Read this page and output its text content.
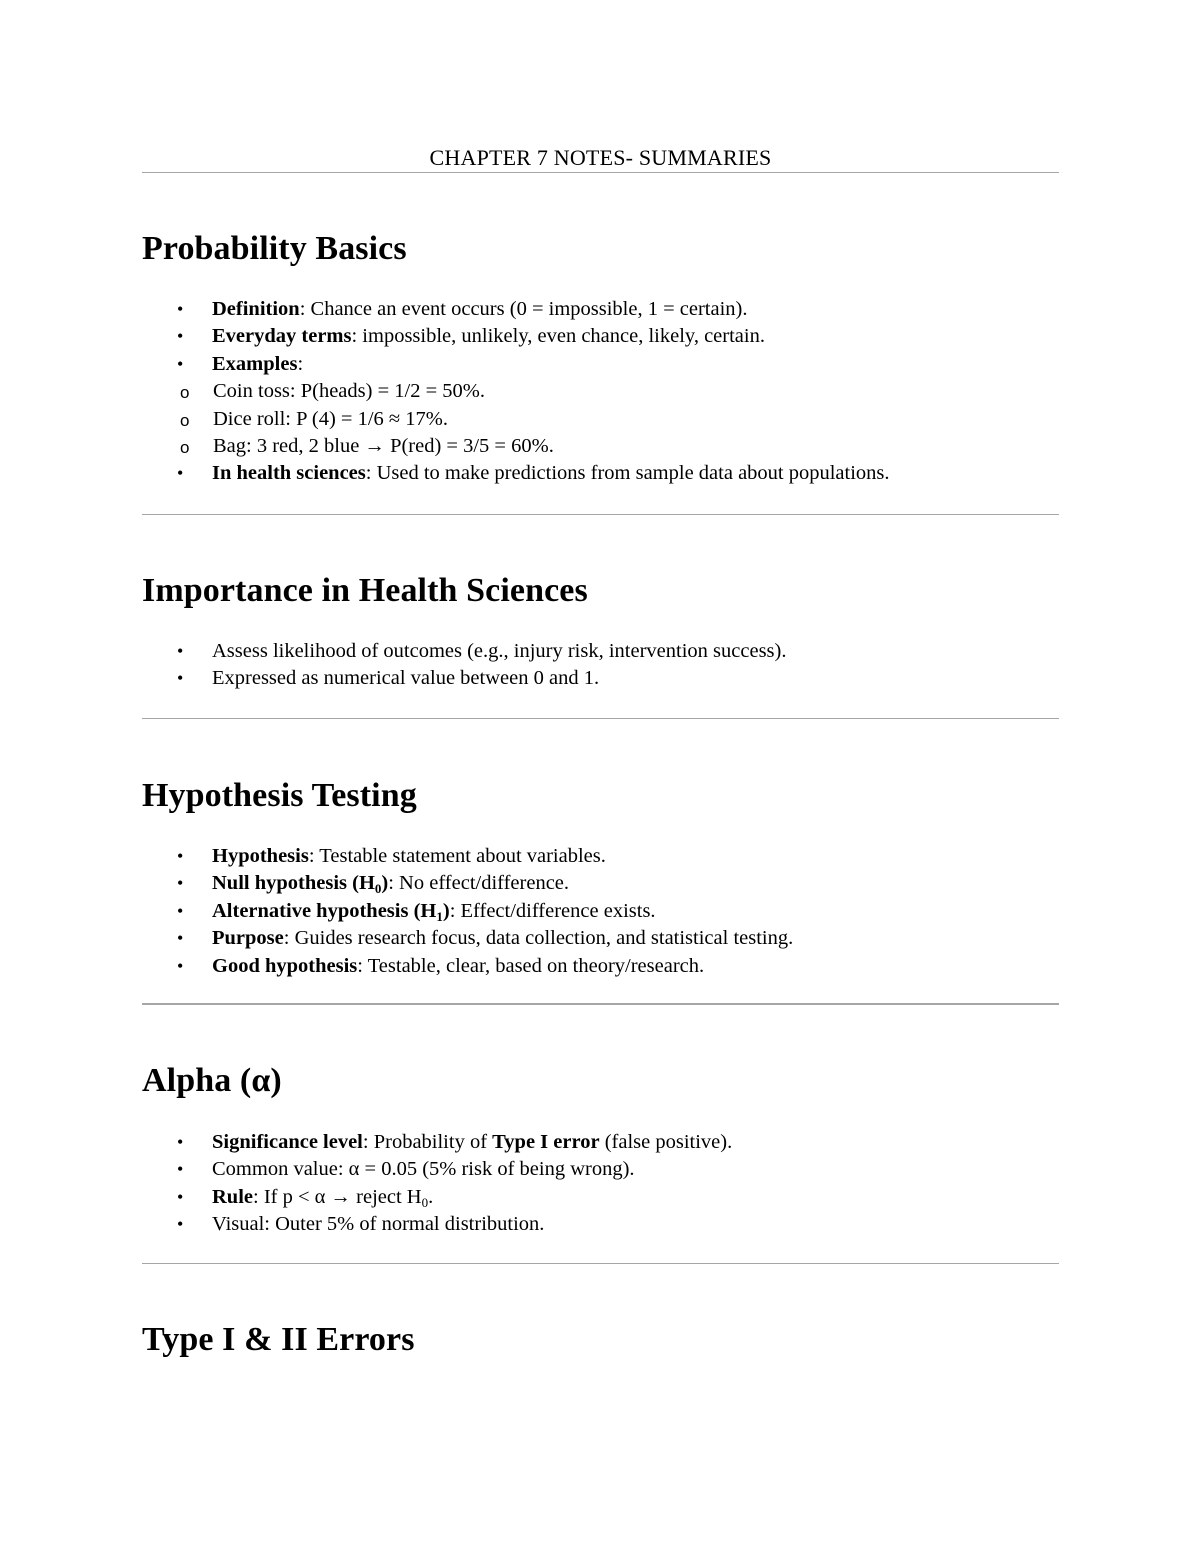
CHAPTER 7 NOTES- SUMMARIES
Probability Basics
• Definition: Chance an event occurs (0 = impossible, 1 = certain).
• Everyday terms: impossible, unlikely, even chance, likely, certain.
• Examples:
o Coin toss: P(heads) = 1/2 = 50%.
o Dice roll: P (4) = 1/6 ≈ 17%.
o Bag: 3 red, 2 blue → P(red) = 3/5 = 60%.
• In health sciences: Used to make predictions from sample data about populations.
Importance in Health Sciences
• Assess likelihood of outcomes (e.g., injury risk, intervention success).
• Expressed as numerical value between 0 and 1.
Hypothesis Testing
• Hypothesis: Testable statement about variables.
• Null hypothesis $(H_0)$: No effect/difference.
• Alternative hypothesis $(H_1)$: Effect/difference exists.
• Purpose: Guides research focus, data collection, and statistical testing.
• Good hypothesis: Testable, clear, based on theory/research.
Alpha (α)
• Significance level: Probability of Type I error (false positive).
• Common value: α = 0.05 (5% risk of being wrong).
• Rule: If p < α → reject $H_0$.
• Visual: Outer 5% of normal distribution.
Type I & II Errors
